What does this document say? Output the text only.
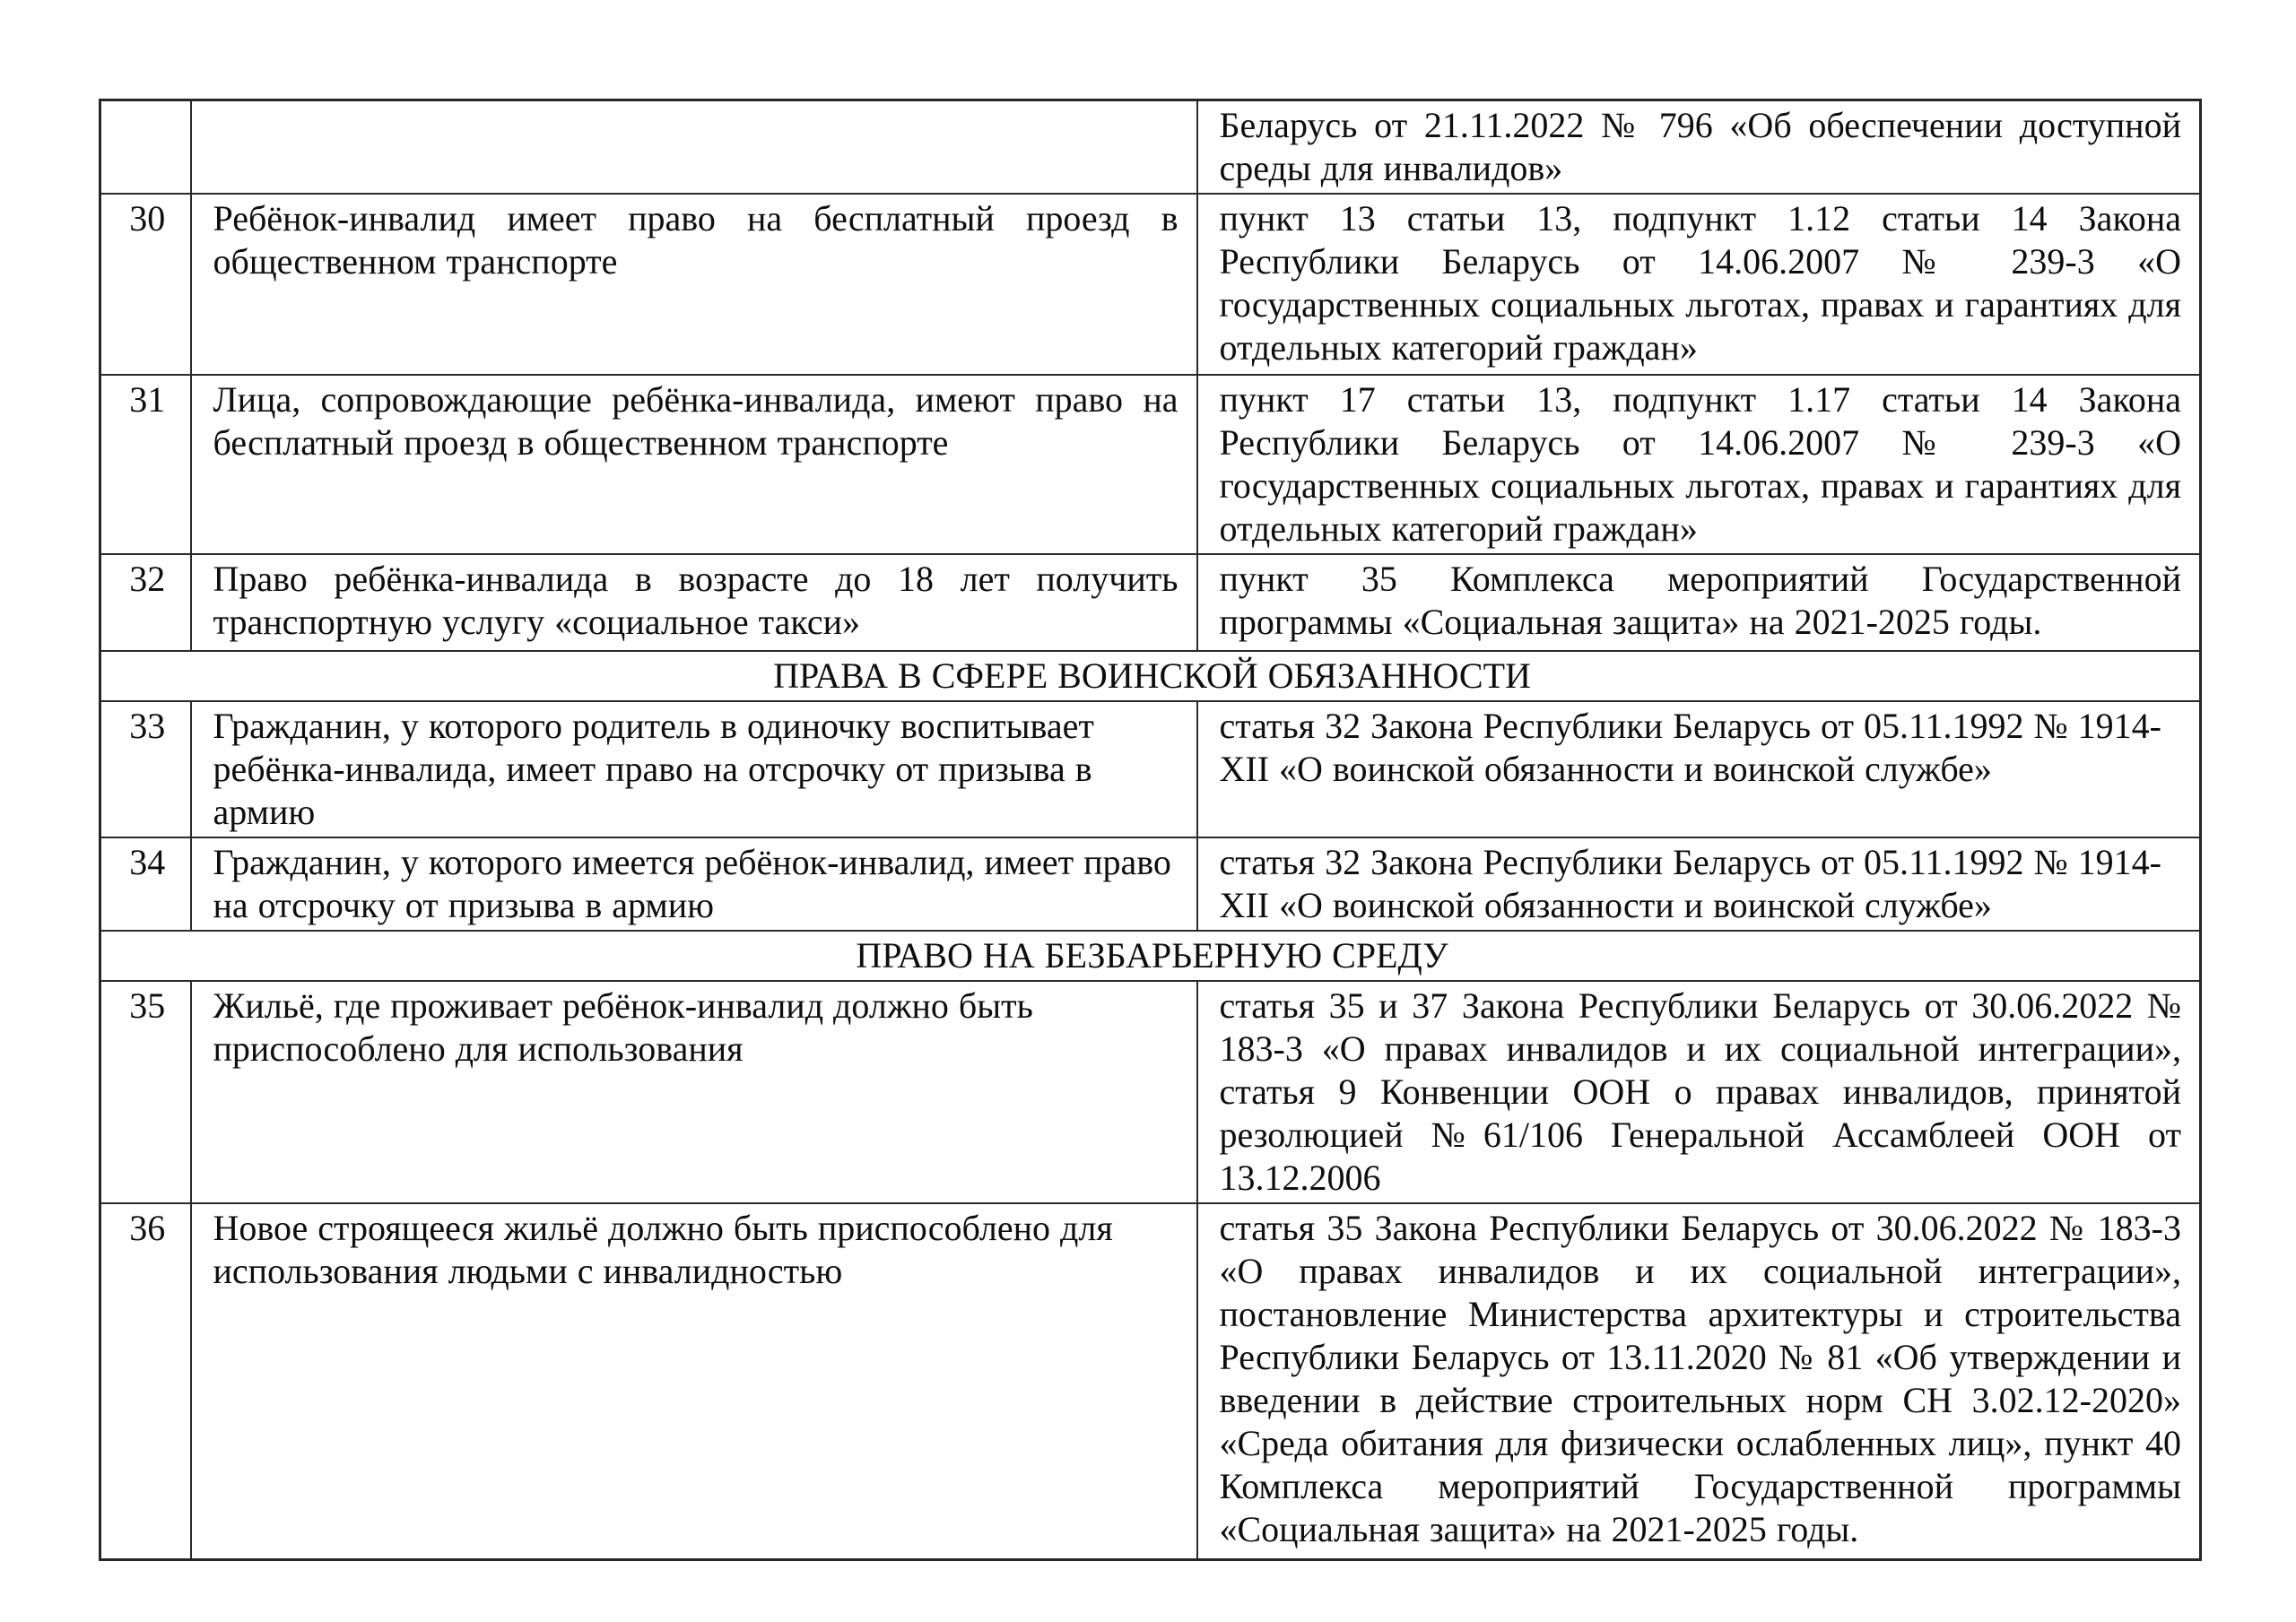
		Беларусь от 21.11.2022 № 796 «Об обеспечении доступной среды для инвалидов»
30	Ребёнок-инвалид имеет право на бесплатный проезд в общественном транспорте	пункт 13 статьи 13, подпункт 1.12 статьи 14 Закона Республики Беларусь от 14.06.2007 № 239-3 «О государственных социальных льготах, правах и гарантиях для отдельных категорий граждан»
31	Лица, сопровождающие ребёнка-инвалида, имеют право на бесплатный проезд в общественном транспорте	пункт 17 статьи 13, подпункт 1.17 статьи 14 Закона Республики Беларусь от 14.06.2007 № 239-3 «О государственных социальных льготах, правах и гарантиях для отдельных категорий граждан»
32	Право ребёнка-инвалида в возрасте до 18 лет получить транспортную услугу «социальное такси»	пункт 35 Комплекса мероприятий Государственной программы «Социальная защита» на 2021-2025 годы.
ПРАВА В СФЕРЕ ВОИНСКОЙ ОБЯЗАННОСТИ		
33	Гражданин, у которого родитель в одиночку воспитывает ребёнка-инвалида, имеет право на отсрочку от призыва в армию	статья 32 Закона Республики Беларусь от 05.11.1992 № 1914-XII «О воинской обязанности и воинской службе»
34	Гражданин, у которого имеется ребёнок-инвалид, имеет право на отсрочку от призыва в армию	статья 32 Закона Республики Беларусь от 05.11.1992 № 1914-XII «О воинской обязанности и воинской службе»
ПРАВО НА БЕЗБАРЬЕРНУЮ СРЕДУ		
35	Жильё, где проживает ребёнок-инвалид должно быть приспособлено для использования	статья 35 и 37 Закона Республики Беларусь от 30.06.2022 № 183-3 «О правах инвалидов и их социальной интеграции», статья 9 Конвенции ООН о правах инвалидов, принятой резолюцией №61/106 Генеральной Ассамблеей ООН от 13.12.2006
36	Новое строящееся жильё должно быть приспособлено для использования людьми с инвалидностью	статья 35 Закона Республики Беларусь от 30.06.2022 № 183-3 «О правах инвалидов и их социальной интеграции», постановление Министерства архитектуры и строительства Республики Беларусь от 13.11.2020 № 81 «Об утверждении и введении в действие строительных норм СН 3.02.12-2020» «Среда обитания для физически ослабленных лиц», пункт 40 Комплекса мероприятий Государственной программы «Социальная защита» на 2021-2025 годы.
